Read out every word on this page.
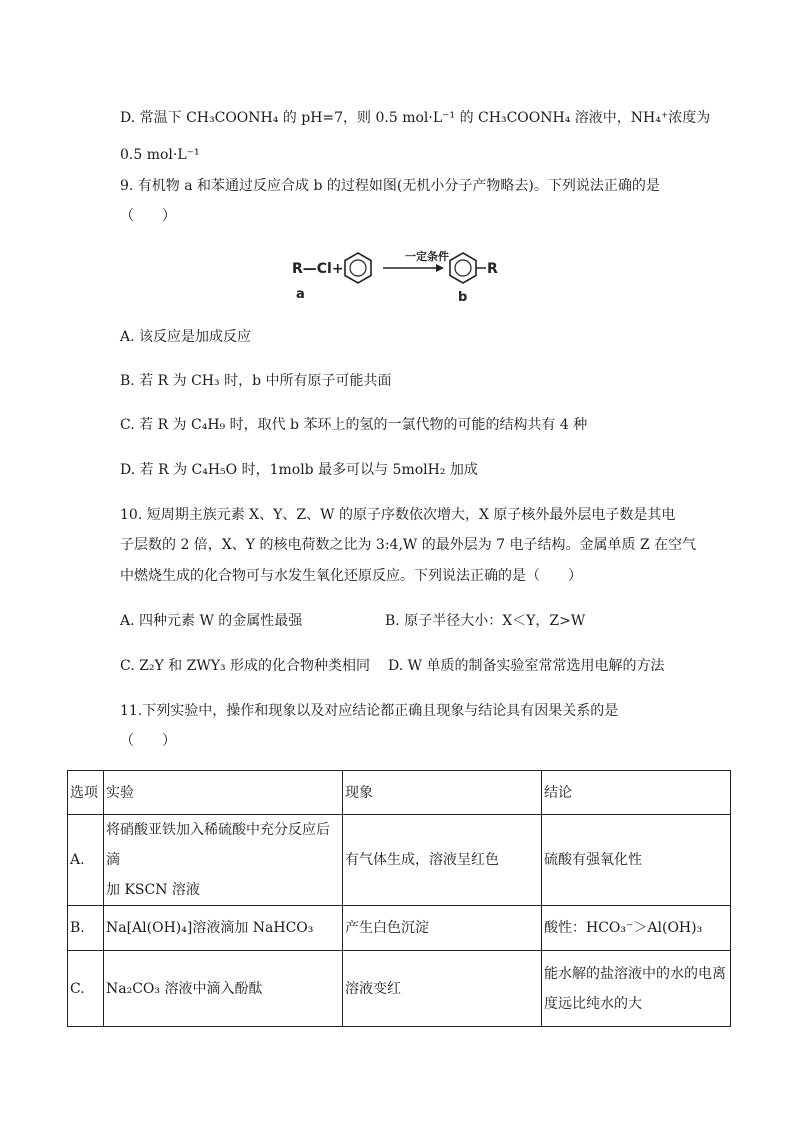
D. 常温下 CH₃COONH₄ 的 pH=7，则 0.5 mol·L⁻¹ 的 CH₃COONH₄ 溶液中，NH₄⁺浓度为
0.5 mol·L⁻¹
9. 有机物 a 和苯通过反应合成 b 的过程如图(无机小分子产物略去)。下列说法正确的是
（　　）
R—Cl+
一定条件
R
a	b
A. 该反应是加成反应
B. 若 R 为 CH₃ 时，b 中所有原子可能共面
C. 若 R 为 C₄H₉ 时，取代 b 苯环上的氢的一氯代物的可能的结构共有 4 种
D. 若 R 为 C₄H₅O 时，1molb 最多可以与 5molH₂ 加成
10. 短周期主族元素 X、Y、Z、W 的原子序数依次增大，X 原子核外最外层电子数是其电
子层数的 2 倍，X、Y 的核电荷数之比为 3:4,W 的最外层为 7 电子结构。金属单质 Z 在空气
中燃烧生成的化合物可与水发生氧化还原反应。下列说法正确的是（　　）
A. 四种元素 W 的金属性最强	B. 原子半径大小：X＜Y，Z>W
C. Z₂Y 和 ZWY₃ 形成的化合物种类相同 D. W 单质的制备实验室常常选用电解的方法
11.下列实验中，操作和现象以及对应结论都正确且现象与结论具有因果关系的是
（　　）
选项	实验	现象	结论
A.	将硝酸亚铁加入稀硫酸中充分反应后滴
加 KSCN 溶液	有气体生成，溶液呈红色	硫酸有强氧化性
B.	Na[Al(OH)₄]溶液滴加 NaHCO₃	产生白色沉淀	酸性：HCO₃⁻＞Al(OH)₃
C.	Na₂CO₃ 溶液中滴入酚酞	溶液变红	能水解的盐溶液中的水的电离
度远比纯水的大
